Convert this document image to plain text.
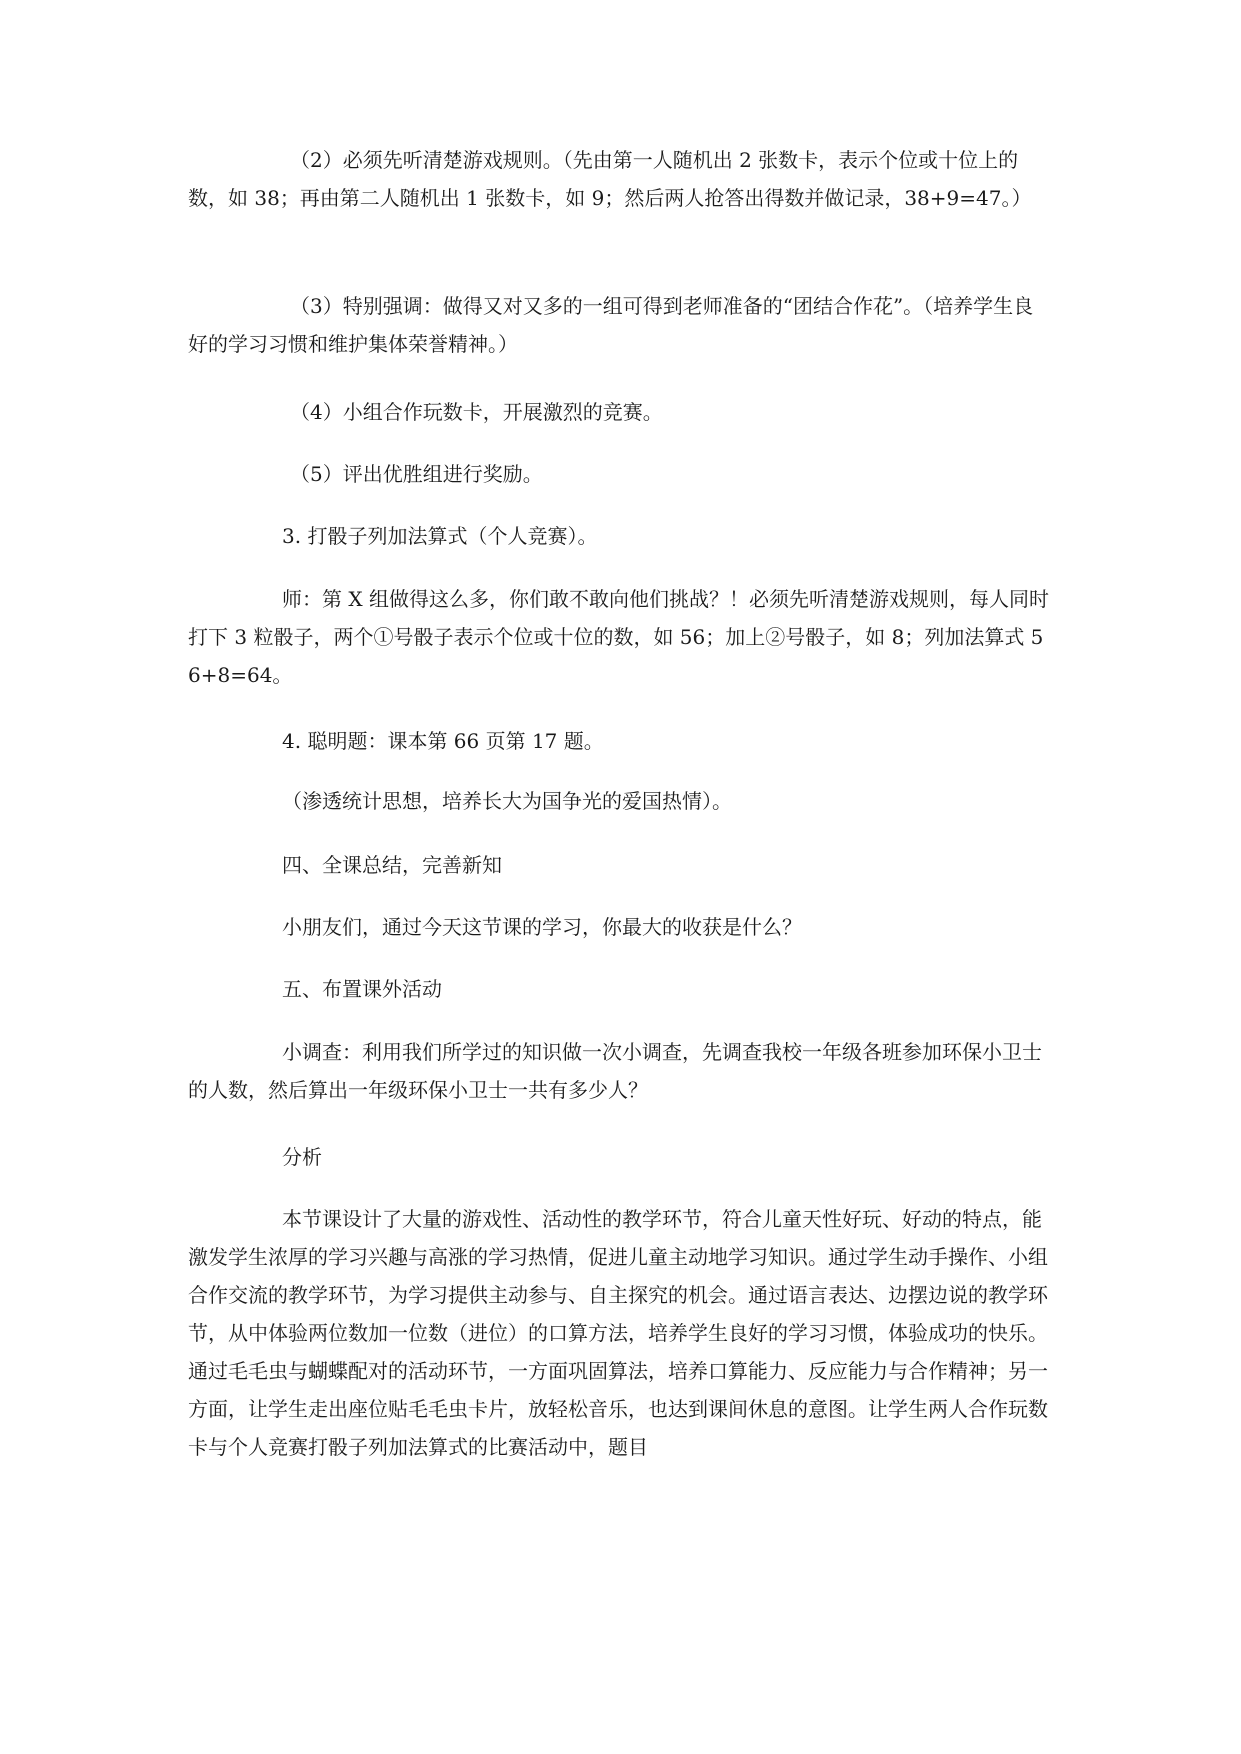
（2）必须先听清楚游戏规则。（先由第一人随机出 2 张数卡，表示个位或十位上的数，如 38；再由第二人随机出 1 张数卡，如 9；然后两人抢答出得数并做记录，38+9=47。）

（3）特别强调：做得又对又多的一组可得到老师准备的“团结合作花”。（培养学生良好的学习习惯和维护集体荣誉精神。）

（4）小组合作玩数卡，开展激烈的竞赛。

（5）评出优胜组进行奖励。

3. 打骰子列加法算式（个人竞赛）。

师：第 X 组做得这么多，你们敢不敢向他们挑战？！必须先听清楚游戏规则，每人同时打下 3 粒骰子，两个①号骰子表示个位或十位的数，如 56；加上②号骰子，如 8；列加法算式 56+8=64。

4. 聪明题：课本第 66 页第 17 题。

（渗透统计思想，培养长大为国争光的爱国热情）。

四、全课总结，完善新知

小朋友们，通过今天这节课的学习，你最大的收获是什么？

五、布置课外活动

小调查：利用我们所学过的知识做一次小调查，先调查我校一年级各班参加环保小卫士的人数，然后算出一年级环保小卫士一共有多少人？

分析

本节课设计了大量的游戏性、活动性的教学环节，符合儿童天性好玩、好动的特点，能激发学生浓厚的学习兴趣与高涨的学习热情，促进儿童主动地学习知识。通过学生动手操作、小组合作交流的教学环节，为学习提供主动参与、自主探究的机会。通过语言表达、边摆边说的教学环节，从中体验两位数加一位数（进位）的口算方法，培养学生良好的学习习惯，体验成功的快乐。通过毛毛虫与蝴蝶配对的活动环节，一方面巩固算法，培养口算能力、反应能力与合作精神；另一方面，让学生走出座位贴毛毛虫卡片，放轻松音乐，也达到课间休息的意图。让学生两人合作玩数卡与个人竞赛打骰子列加法算式的比赛活动中，题目
